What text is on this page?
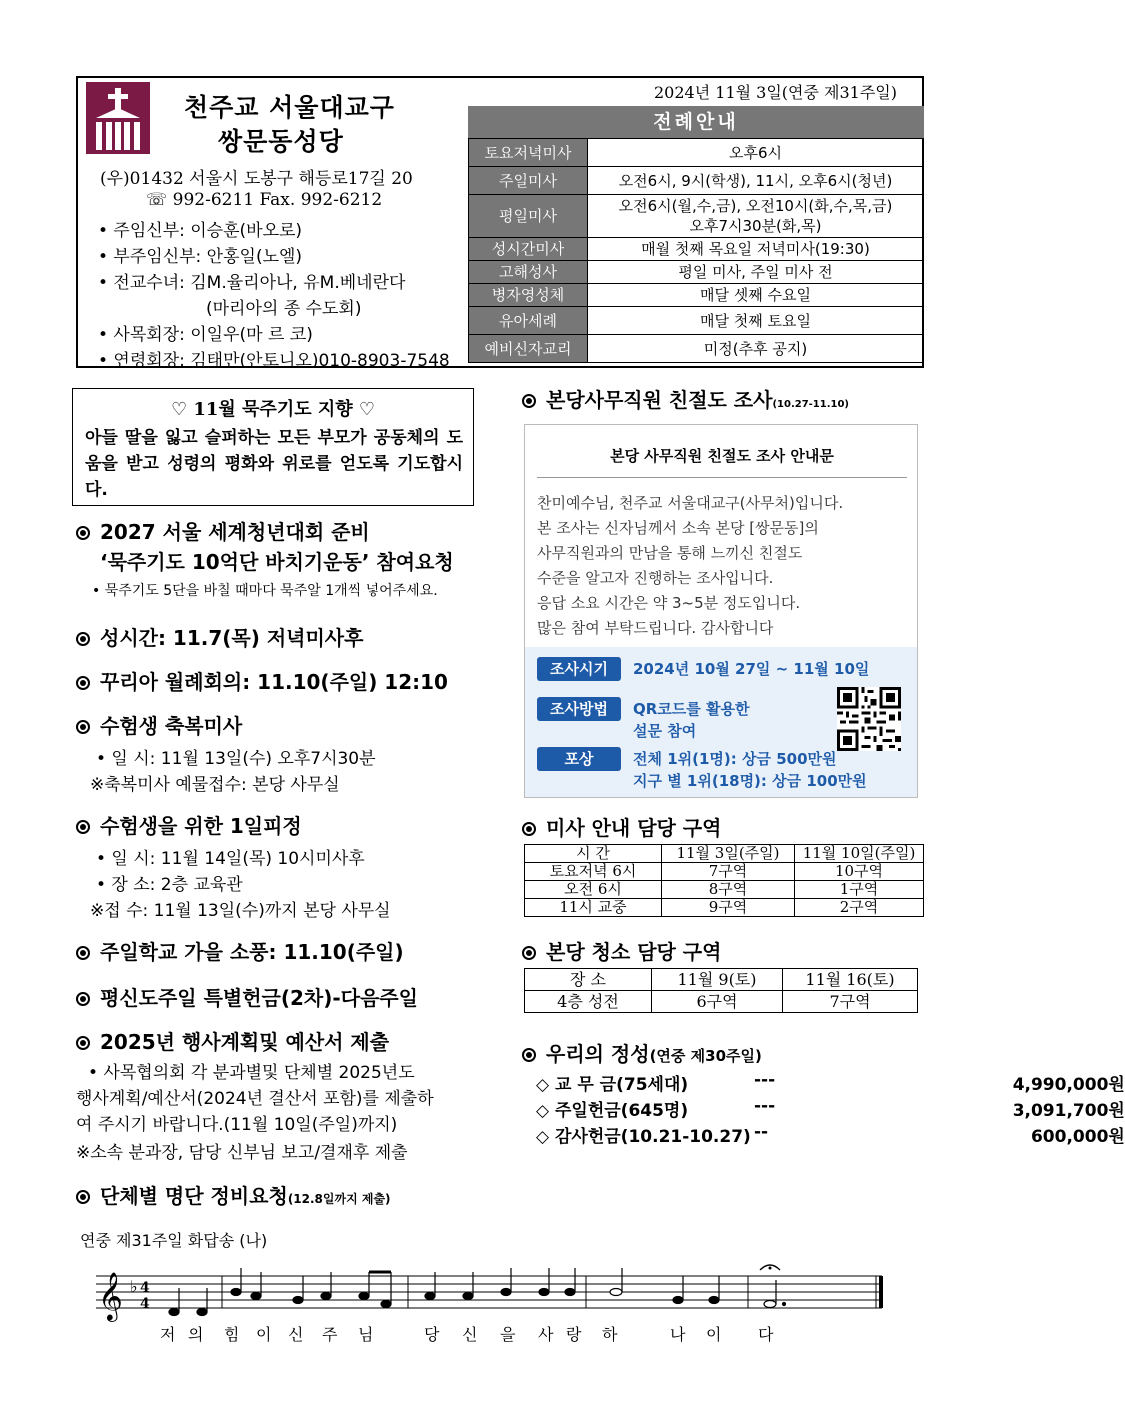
천주교 서울대교구
쌍문동성당
(우)01432 서울시 도봉구 해등로17길 20
☏ 992-6211 Fax. 992-6212
• 주임신부: 이승훈(바오로)
• 부주임신부: 안홍일(노엘)
• 전교수녀: 김M.율리아나, 유M.베네란다
(마리아의 종 수도회)
• 사목회장: 이일우(마 르 코)
• 연령회장: 김태만(안토니오)010-8903-7548
2024년 11월 3일(연중 제31주일)
전례안내
토요저녁미사	오후6시
주일미사	오전6시, 9시(학생), 11시, 오후6시(청년)
평일미사	오전6시(월,수,금), 오전10시(화,수,목,금)
오후7시30분(화,목)

성시간미사	매월 첫째 목요일 저녁미사(19:30)
고해성사	평일 미사, 주일 미사 전
병자영성체	매달 셋째 수요일
유아세례	매달 첫째 토요일
예비신자교리	미정(추후 공지)
♡ 11월 묵주기도 지향 ♡
아들 딸을 잃고 슬퍼하는 모든 부모가 공동체의 도움을 받고 성령의 평화와 위로를 얻도록 기도합시다.
2027 서울 세계청년대회 준비
‘묵주기도 10억단 바치기운동’ 참여요청
• 묵주기도 5단을 바칠 때마다 묵주알 1개씩 넣어주세요.
성시간: 11.7(목) 저녁미사후
꾸리아 월례회의: 11.10(주일) 12:10
수험생 축복미사
• 일 시: 11월 13일(수) 오후7시30분
※축복미사 예물접수: 본당 사무실
수험생을 위한 1일피정
• 일 시: 11월 14일(목) 10시미사후
• 장 소: 2층 교육관
※접 수: 11월 13일(수)까지 본당 사무실
주일학교 가을 소풍: 11.10(주일)
평신도주일 특별헌금(2차)-다음주일
2025년 행사계획및 예산서 제출
• 사목협의회 각 분과별및 단체별 2025년도
행사계획/예산서(2024년 결산서 포함)를 제출하
여 주시기 바랍니다.(11월 10일(주일)까지)
※소속 분과장, 담당 신부님 보고/결재후 제출
단체별 명단 정비요청(12.8일까지 제출)
본당사무직원 친절도 조사(10.27-11.10)
본당 사무직원 친절도 조사 안내문
찬미예수님, 천주교 서울대교구(사무처)입니다.
본 조사는 신자님께서 소속 본당 [쌍문동]의
사무직원과의 만남을 통해 느끼신 친절도
수준을 알고자 진행하는 조사입니다.
응답 소요 시간은 약 3~5분 정도입니다.
많은 참여 부탁드립니다. 감사합니다
조사시기	2024년 10월 27일 ~ 11월 10일
조사방법	QR코드를 활용한
설문 참여
포상	전체 1위(1명): 상금 500만원
지구 별 1위(18명): 상금 100만원
미사 안내 담당 구역
시 간	11월 3일(주일)	11월 10일(주일)
토요저녁 6시	7구역	10구역
오전 6시	8구역	1구역
11시 교중	9구역	2구역
본당 청소 담당 구역
장 소	11월 9(토)	11월 16(토)
4층 성전	6구역	7구역
우리의 정성(연중 제30주일)
◇ 교 무 금(75세대)	---	4,990,000원
◇ 주일헌금(645명)	---	3,091,700원
◇ 감사헌금(10.21-10.27) --	600,000원
연중 제31주일 화답송 (나)
𝄞 ♭ 4
4
저 의 힘 이 신 주 님	당 신 을 사 랑 하	나 이 다
